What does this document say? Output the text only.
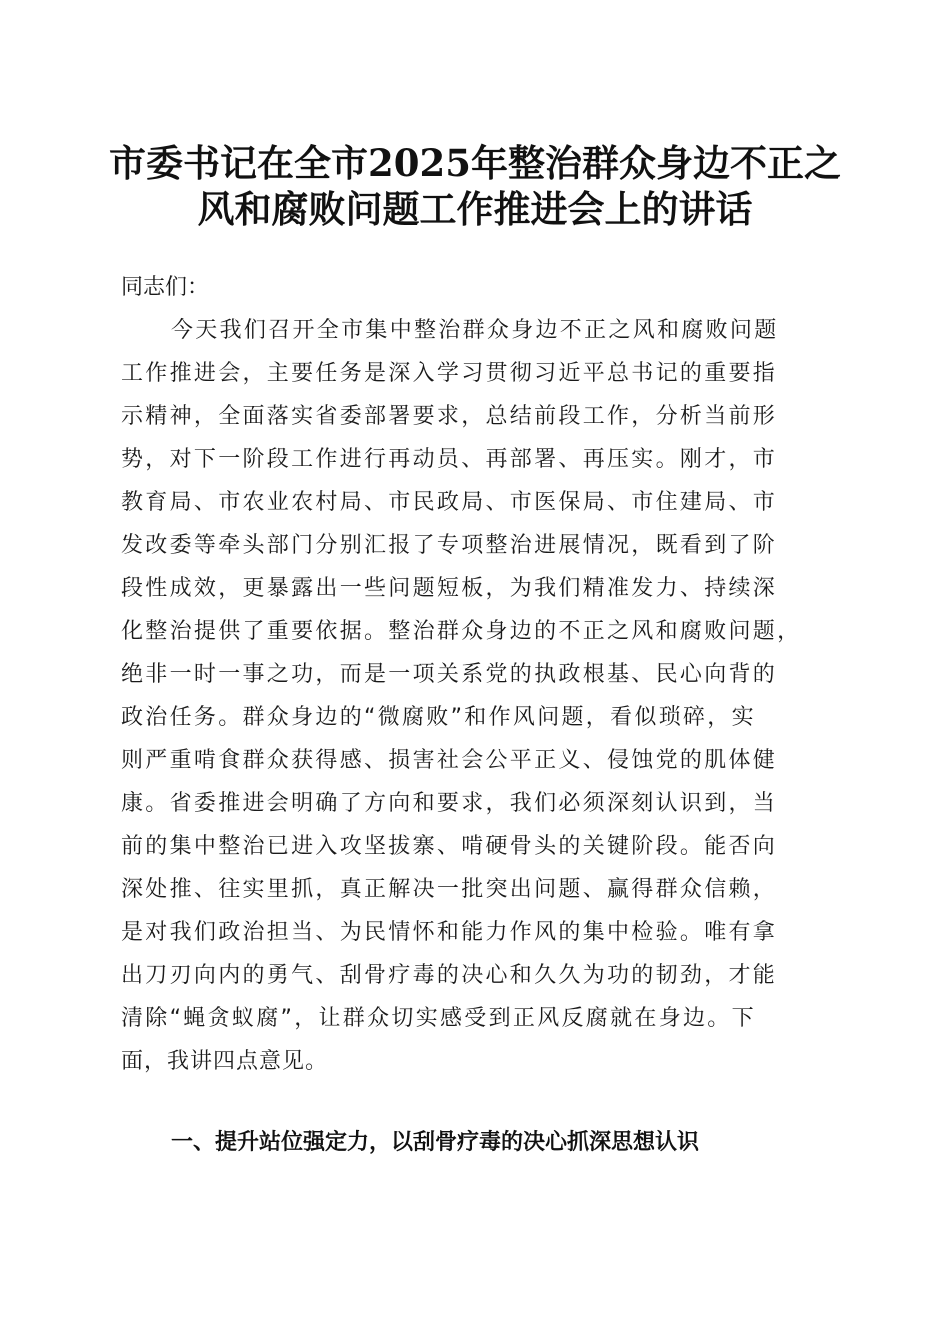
市委书记在全市2025年整治群众身边不正之
风和腐败问题工作推进会上的讲话

同志们：

今天我们召开全市集中整治群众身边不正之风和腐败问题
工作推进会，主要任务是深入学习贯彻习近平总书记的重要指
示精神，全面落实省委部署要求，总结前段工作，分析当前形
势，对下一阶段工作进行再动员、再部署、再压实。刚才，市
教育局、市农业农村局、市民政局、市医保局、市住建局、市
发改委等牵头部门分别汇报了专项整治进展情况，既看到了阶
段性成效，更暴露出一些问题短板，为我们精准发力、持续深
化整治提供了重要依据。整治群众身边的不正之风和腐败问题，
绝非一时一事之功，而是一项关系党的执政根基、民心向背的
政治任务。群众身边的“微腐败”和作风问题，看似琐碎，实
则严重啃食群众获得感、损害社会公平正义、侵蚀党的肌体健
康。省委推进会明确了方向和要求，我们必须深刻认识到，当
前的集中整治已进入攻坚拔寨、啃硬骨头的关键阶段。能否向
深处推、往实里抓，真正解决一批突出问题、赢得群众信赖，
是对我们政治担当、为民情怀和能力作风的集中检验。唯有拿
出刀刃向内的勇气、刮骨疗毒的决心和久久为功的韧劲，才能
清除“蝇贪蚁腐”，让群众切实感受到正风反腐就在身边。下
面，我讲四点意见。
一、提升站位强定力，以刮骨疗毒的决心抓深思想认识
